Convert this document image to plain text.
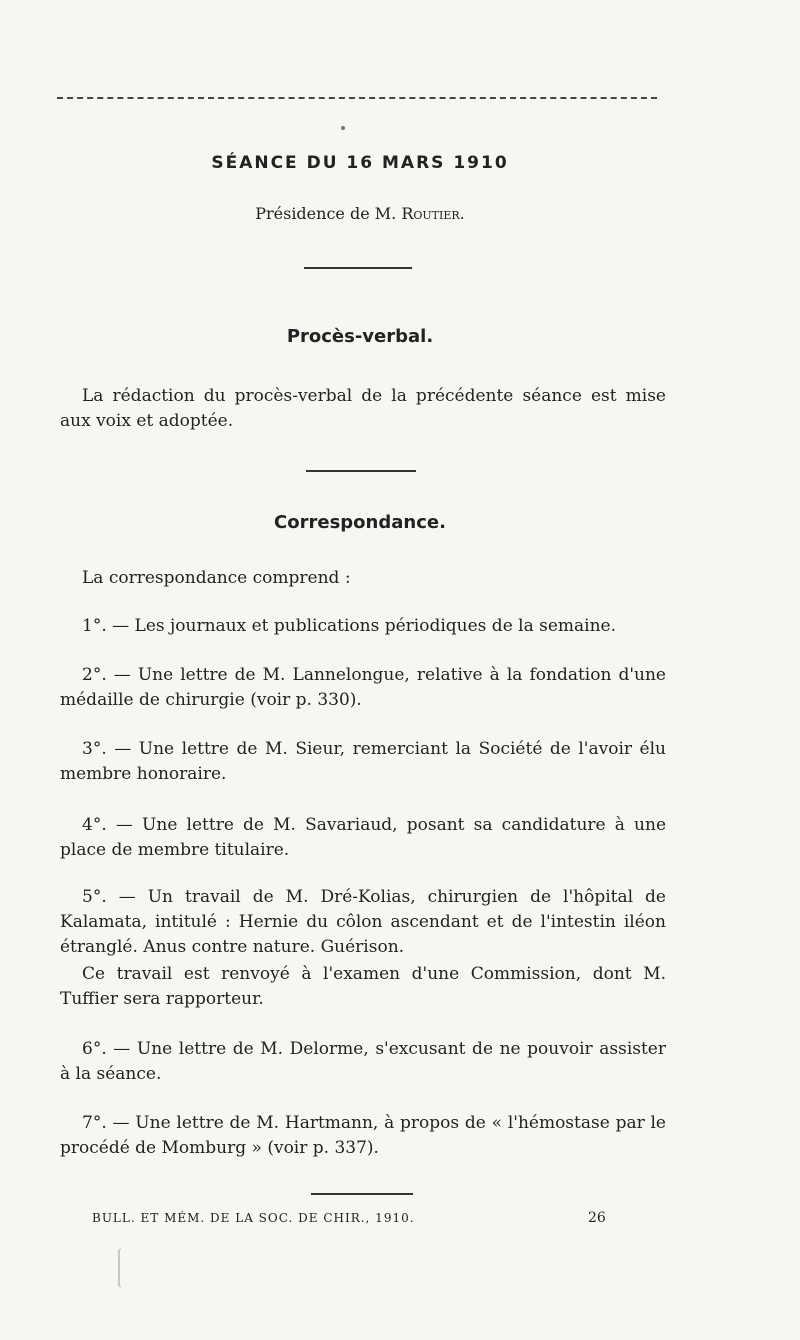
SÉANCE DU 16 MARS 1910
Présidence de M. Routier.
Procès-verbal.
La rédaction du procès-verbal de la précédente séance est mise aux voix et adoptée.
Correspondance.
La correspondance comprend :
1°. — Les journaux et publications périodiques de la semaine.
2°. — Une lettre de M. Lannelongue, relative à la fondation d'une médaille de chirurgie (voir p. 330).
3°. — Une lettre de M. Sieur, remerciant la Société de l'avoir élu membre honoraire.
4°. — Une lettre de M. Savariaud, posant sa candidature à une place de membre titulaire.
5°. — Un travail de M. Dré-Kolias, chirurgien de l'hôpital de Kalamata, intitulé : Hernie du côlon ascendant et de l'intestin iléon étranglé. Anus contre nature. Guérison.
Ce travail est renvoyé à l'examen d'une Commission, dont M. Tuffier sera rapporteur.
6°. — Une lettre de M. Delorme, s'excusant de ne pouvoir assister à la séance.
7°. — Une lettre de M. Hartmann, à propos de « l'hémostase par le procédé de Momburg » (voir p. 337).
BULL. ET MÉM. DE LA SOC. DE CHIR., 1910.	26
